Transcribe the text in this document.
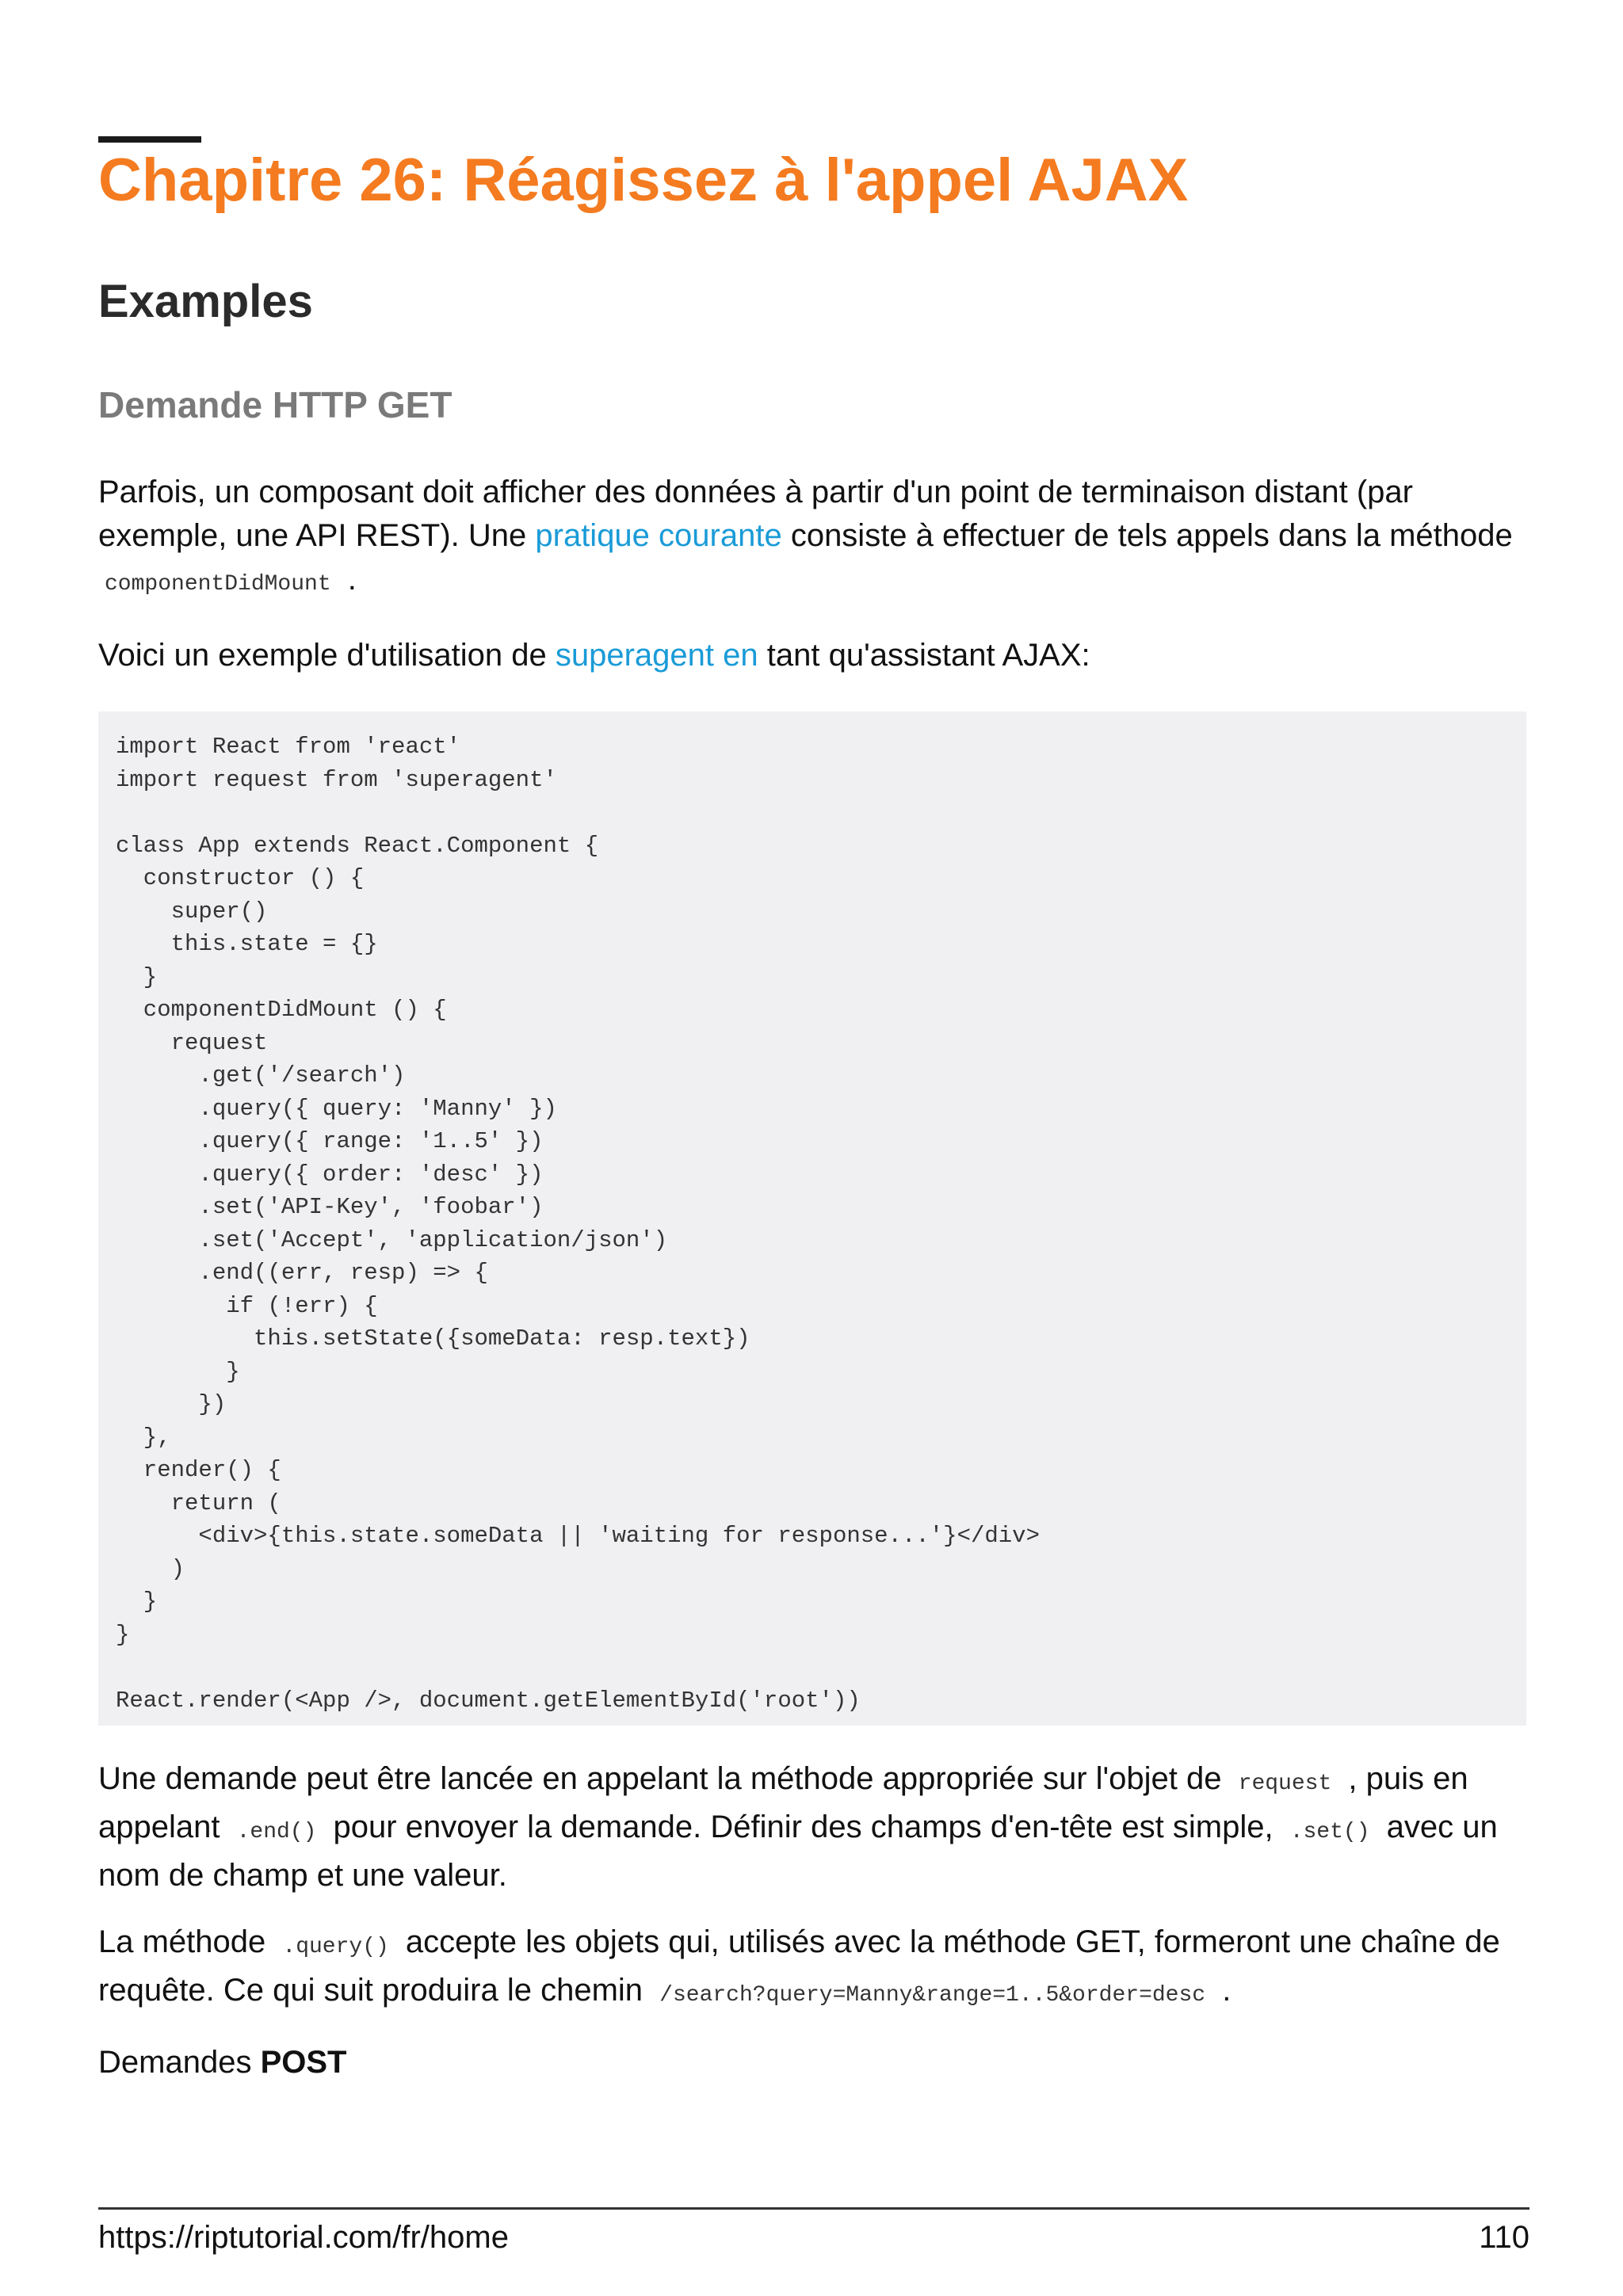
Chapitre 26: Réagissez à l'appel AJAX
Examples
Demande HTTP GET

Parfois, un composant doit afficher des données à partir d'un point de terminaison distant (par exemple, une API REST). Une pratique courante consiste à effectuer de tels appels dans la méthode componentDidMount .

Voici un exemple d'utilisation de superagent en tant qu'assistant AJAX:

import React from 'react'
import request from 'superagent'

class App extends React.Component {
constructor () {
super()
this.state = {}
}
componentDidMount () {
request
.get('/search')
.query({ query: 'Manny' })
.query({ range: '1..5' })
.query({ order: 'desc' })
.set('API-Key', 'foobar')
.set('Accept', 'application/json')
.end((err, resp) => {
if (!err) {
this.setState({someData: resp.text})
}
})
},
render() {
return (
<div>{this.state.someData || 'waiting for response...'}</div>
)
}
}

React.render(<App />, document.getElementById('root'))

Une demande peut être lancée en appelant la méthode appropriée sur l'objet de request , puis en appelant .end() pour envoyer la demande. Définir des champs d'en-tête est simple, .set() avec un nom de champ et une valeur.

La méthode .query() accepte les objets qui, utilisés avec la méthode GET, formeront une chaîne de requête. Ce qui suit produira le chemin /search?query=Manny&range=1..5&order=desc .

Demandes POST

https://riptutorial.com/fr/home	110
